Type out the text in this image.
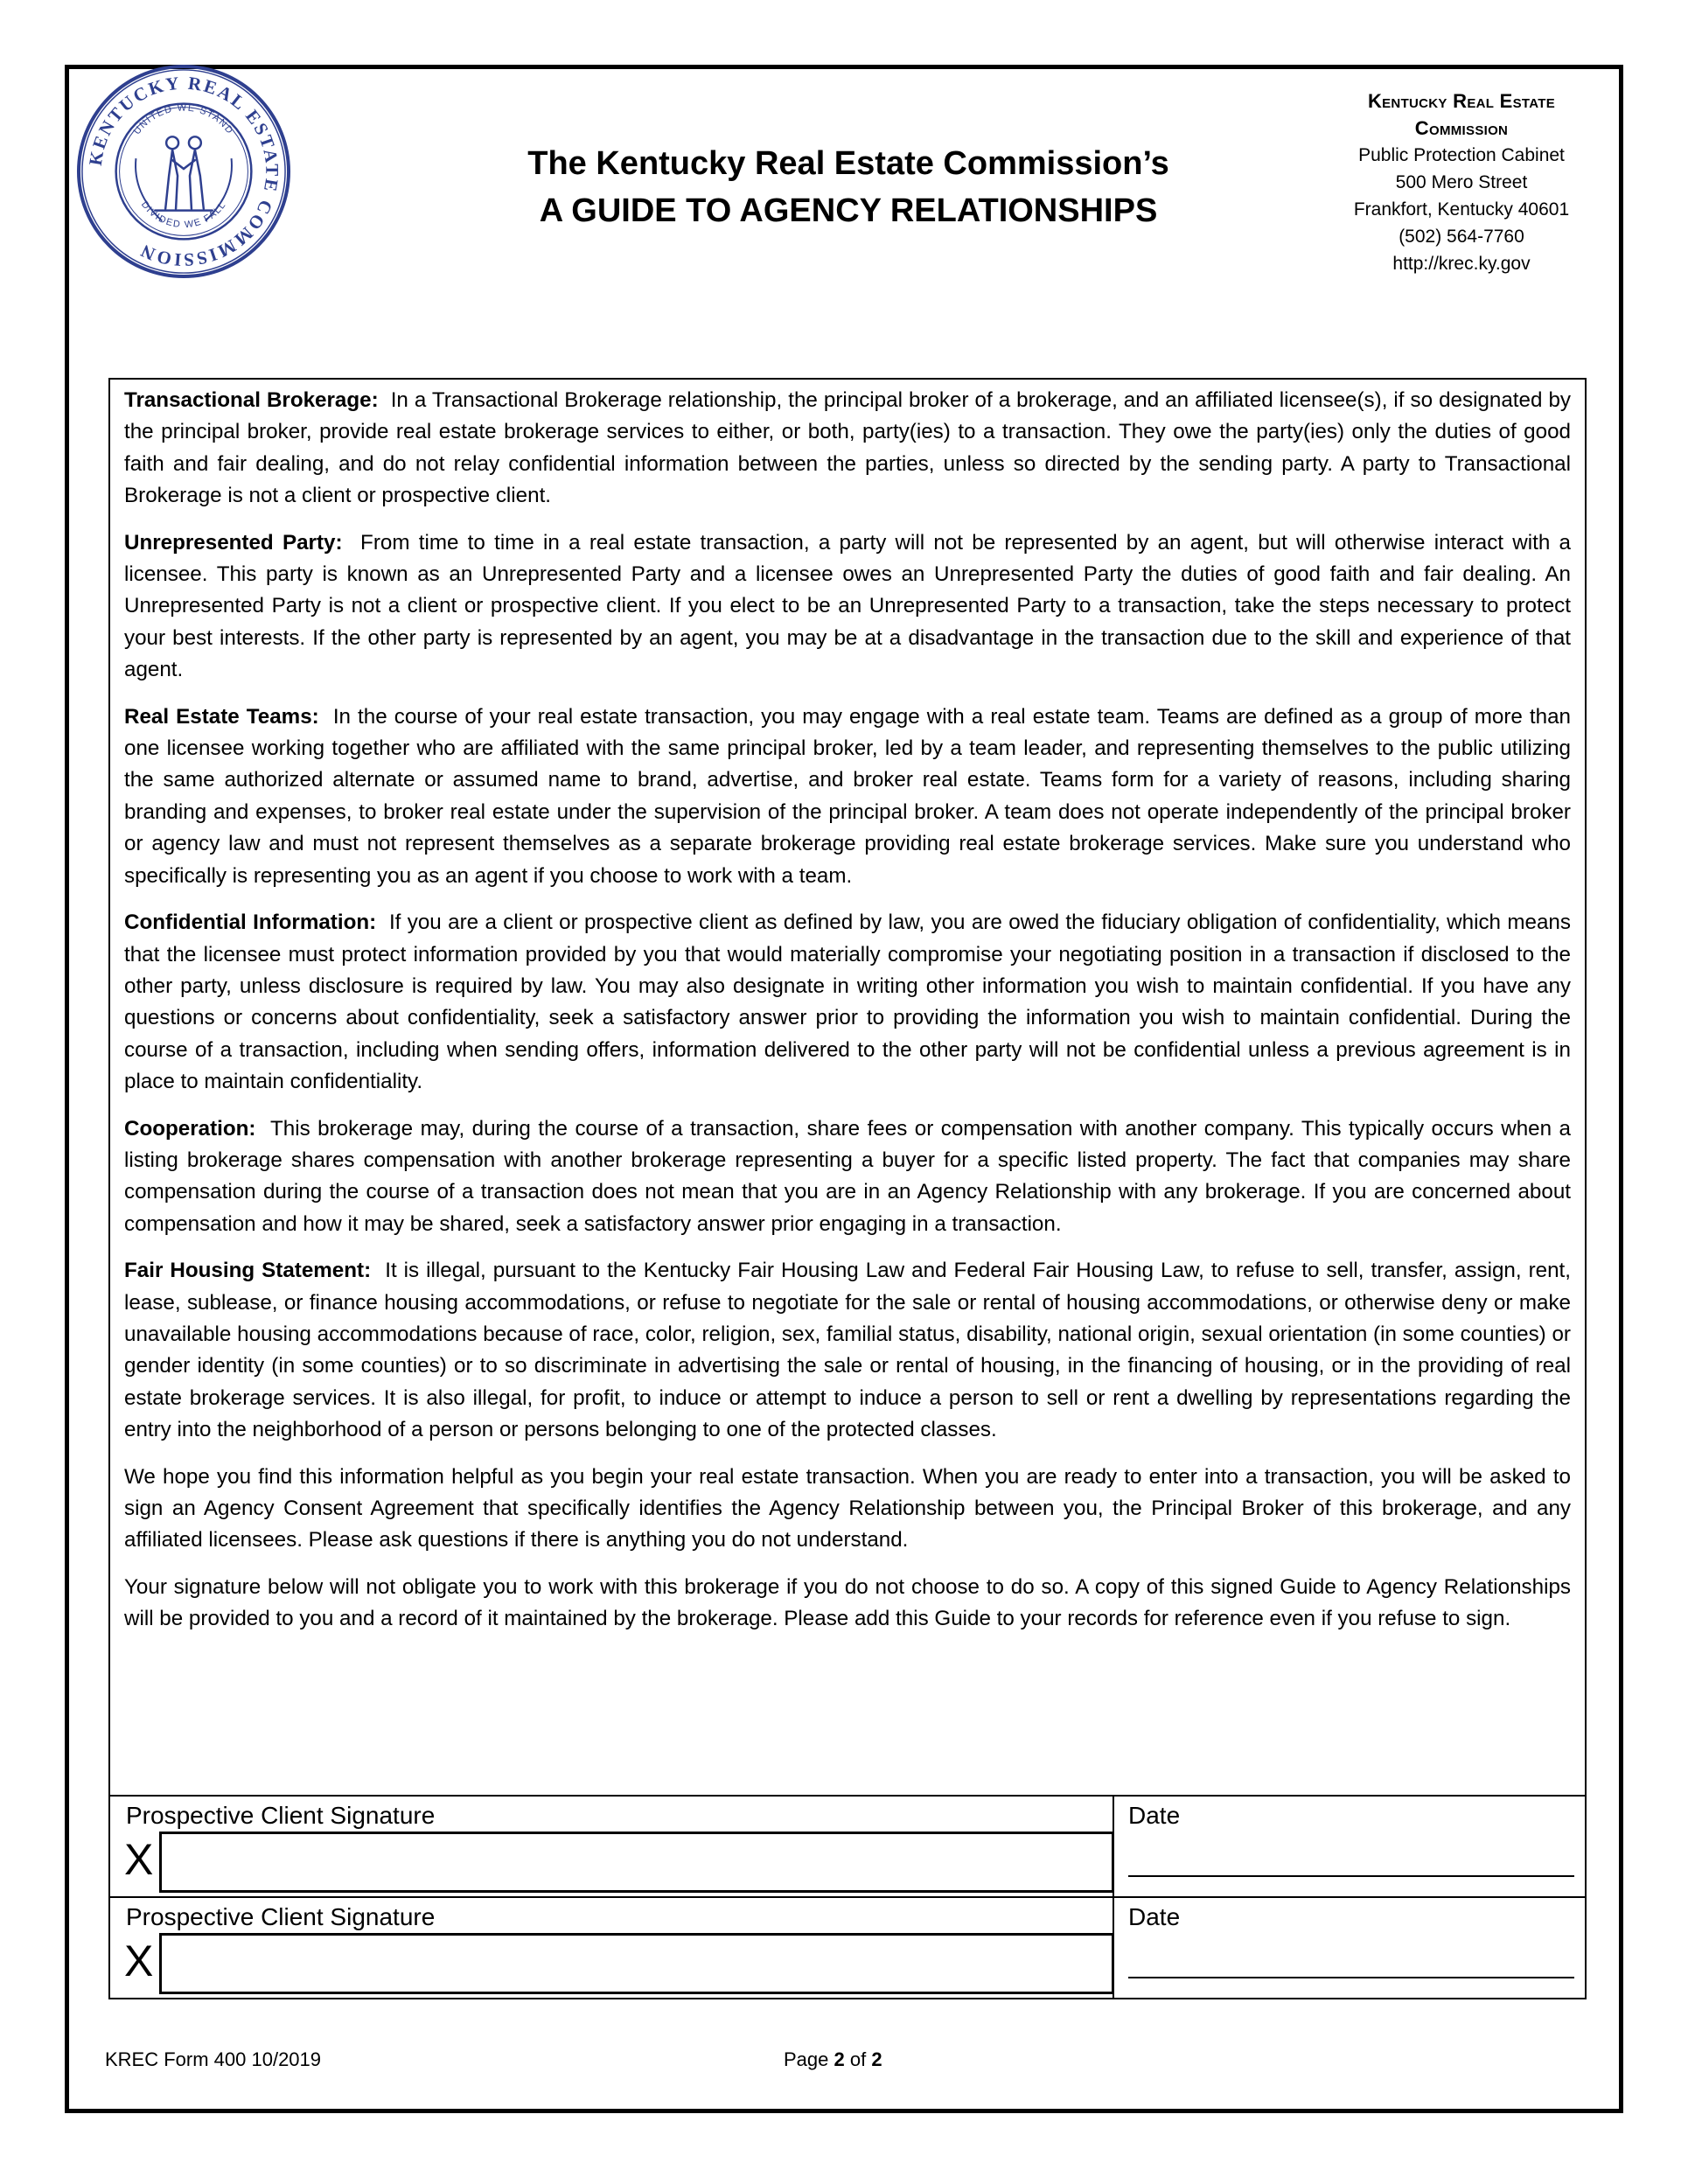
KENTUCKY REAL ESTATE COMMISSION
UNITED WE STAND
DIVIDED WE FALL
The Kentucky Real Estate Commission’s
A GUIDE TO AGENCY RELATIONSHIPS
Kentucky Real Estate
Commission
Public Protection Cabinet
500 Mero Street
Frankfort, Kentucky 40601
(502) 564-7760
http://krec.ky.gov

Transactional Brokerage: In a Transactional Brokerage relationship, the principal broker of a brokerage, and an affiliated licensee(s), if so designated by the principal broker, provide real estate brokerage services to either, or both, party(ies) to a transaction. They owe the party(ies) only the duties of good faith and fair dealing, and do not relay confidential information between the parties, unless so directed by the sending party. A party to Transactional Brokerage is not a client or prospective client.

Unrepresented Party: From time to time in a real estate transaction, a party will not be represented by an agent, but will otherwise interact with a licensee. This party is known as an Unrepresented Party and a licensee owes an Unrepresented Party the duties of good faith and fair dealing. An Unrepresented Party is not a client or prospective client. If you elect to be an Unrepresented Party to a transaction, take the steps necessary to protect your best interests. If the other party is represented by an agent, you may be at a disadvantage in the transaction due to the skill and experience of that agent.

Real Estate Teams: In the course of your real estate transaction, you may engage with a real estate team. Teams are defined as a group of more than one licensee working together who are affiliated with the same principal broker, led by a team leader, and representing themselves to the public utilizing the same authorized alternate or assumed name to brand, advertise, and broker real estate. Teams form for a variety of reasons, including sharing branding and expenses, to broker real estate under the supervision of the principal broker. A team does not operate independently of the principal broker or agency law and must not represent themselves as a separate brokerage providing real estate brokerage services. Make sure you understand who specifically is representing you as an agent if you choose to work with a team.

Confidential Information: If you are a client or prospective client as defined by law, you are owed the fiduciary obligation of confidentiality, which means that the licensee must protect information provided by you that would materially compromise your negotiating position in a transaction if disclosed to the other party, unless disclosure is required by law. You may also designate in writing other information you wish to maintain confidential. If you have any questions or concerns about confidentiality, seek a satisfactory answer prior to providing the information you wish to maintain confidential. During the course of a transaction, including when sending offers, information delivered to the other party will not be confidential unless a previous agreement is in place to maintain confidentiality.

Cooperation: This brokerage may, during the course of a transaction, share fees or compensation with another company. This typically occurs when a listing brokerage shares compensation with another brokerage representing a buyer for a specific listed property. The fact that companies may share compensation during the course of a transaction does not mean that you are in an Agency Relationship with any brokerage. If you are concerned about compensation and how it may be shared, seek a satisfactory answer prior engaging in a transaction.

Fair Housing Statement: It is illegal, pursuant to the Kentucky Fair Housing Law and Federal Fair Housing Law, to refuse to sell, transfer, assign, rent, lease, sublease, or finance housing accommodations, or refuse to negotiate for the sale or rental of housing accommodations, or otherwise deny or make unavailable housing accommodations because of race, color, religion, sex, familial status, disability, national origin, sexual orientation (in some counties) or gender identity (in some counties) or to so discriminate in advertising the sale or rental of housing, in the financing of housing, or in the providing of real estate brokerage services. It is also illegal, for profit, to induce or attempt to induce a person to sell or rent a dwelling by representations regarding the entry into the neighborhood of a person or persons belonging to one of the protected classes.

We hope you find this information helpful as you begin your real estate transaction. When you are ready to enter into a transaction, you will be asked to sign an Agency Consent Agreement that specifically identifies the Agency Relationship between you, the Principal Broker of this brokerage, and any affiliated licensees. Please ask questions if there is anything you do not understand.

Your signature below will not obligate you to work with this brokerage if you do not choose to do so. A copy of this signed Guide to Agency Relationships will be provided to you and a record of it maintained by the brokerage. Please add this Guide to your records for reference even if you refuse to sign.

Prospective Client Signature
X
Date
Prospective Client Signature
X
Date
KREC Form 400 10/2019	Page 2 of 2
